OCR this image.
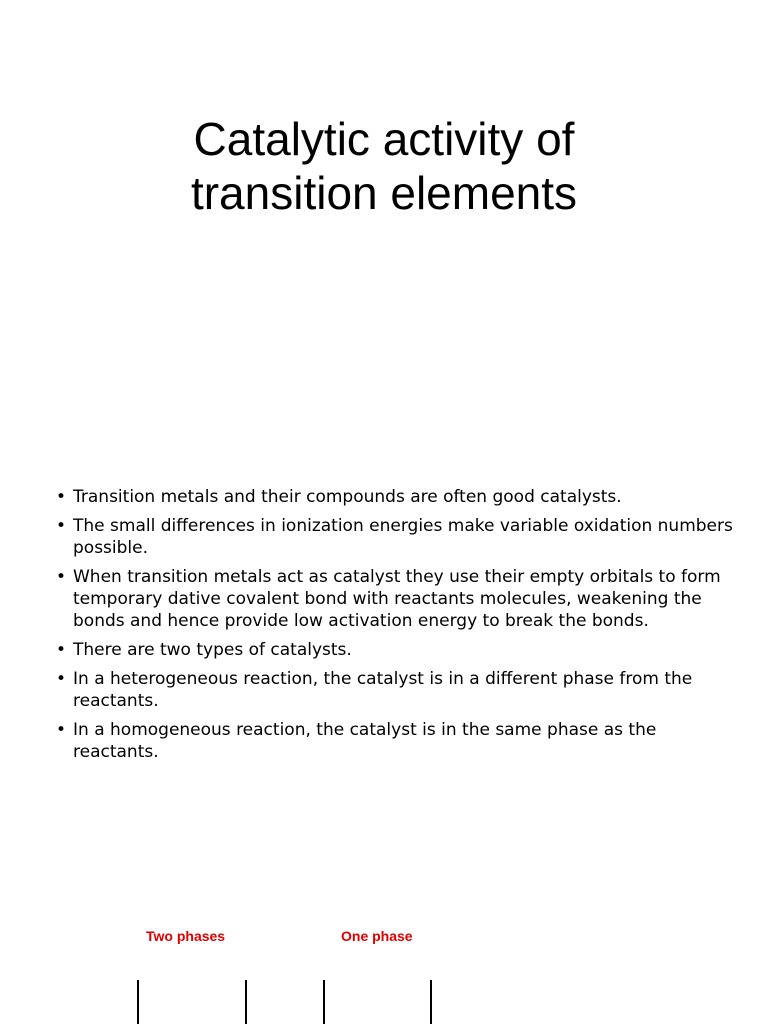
Catalytic activity of
transition elements
• Transition metals and their compounds are often good catalysts.
• The small differences in ionization energies make variable oxidation numbers possible.
• When transition metals act as catalyst they use their empty orbitals to form temporary dative covalent bond with reactants molecules, weakening the bonds and hence provide low activation energy to break the bonds.
• There are two types of catalysts.
• In a heterogeneous reaction, the catalyst is in a different phase from the reactants.
• In a homogeneous reaction, the catalyst is in the same phase as the reactants.
Two phases	One phase
